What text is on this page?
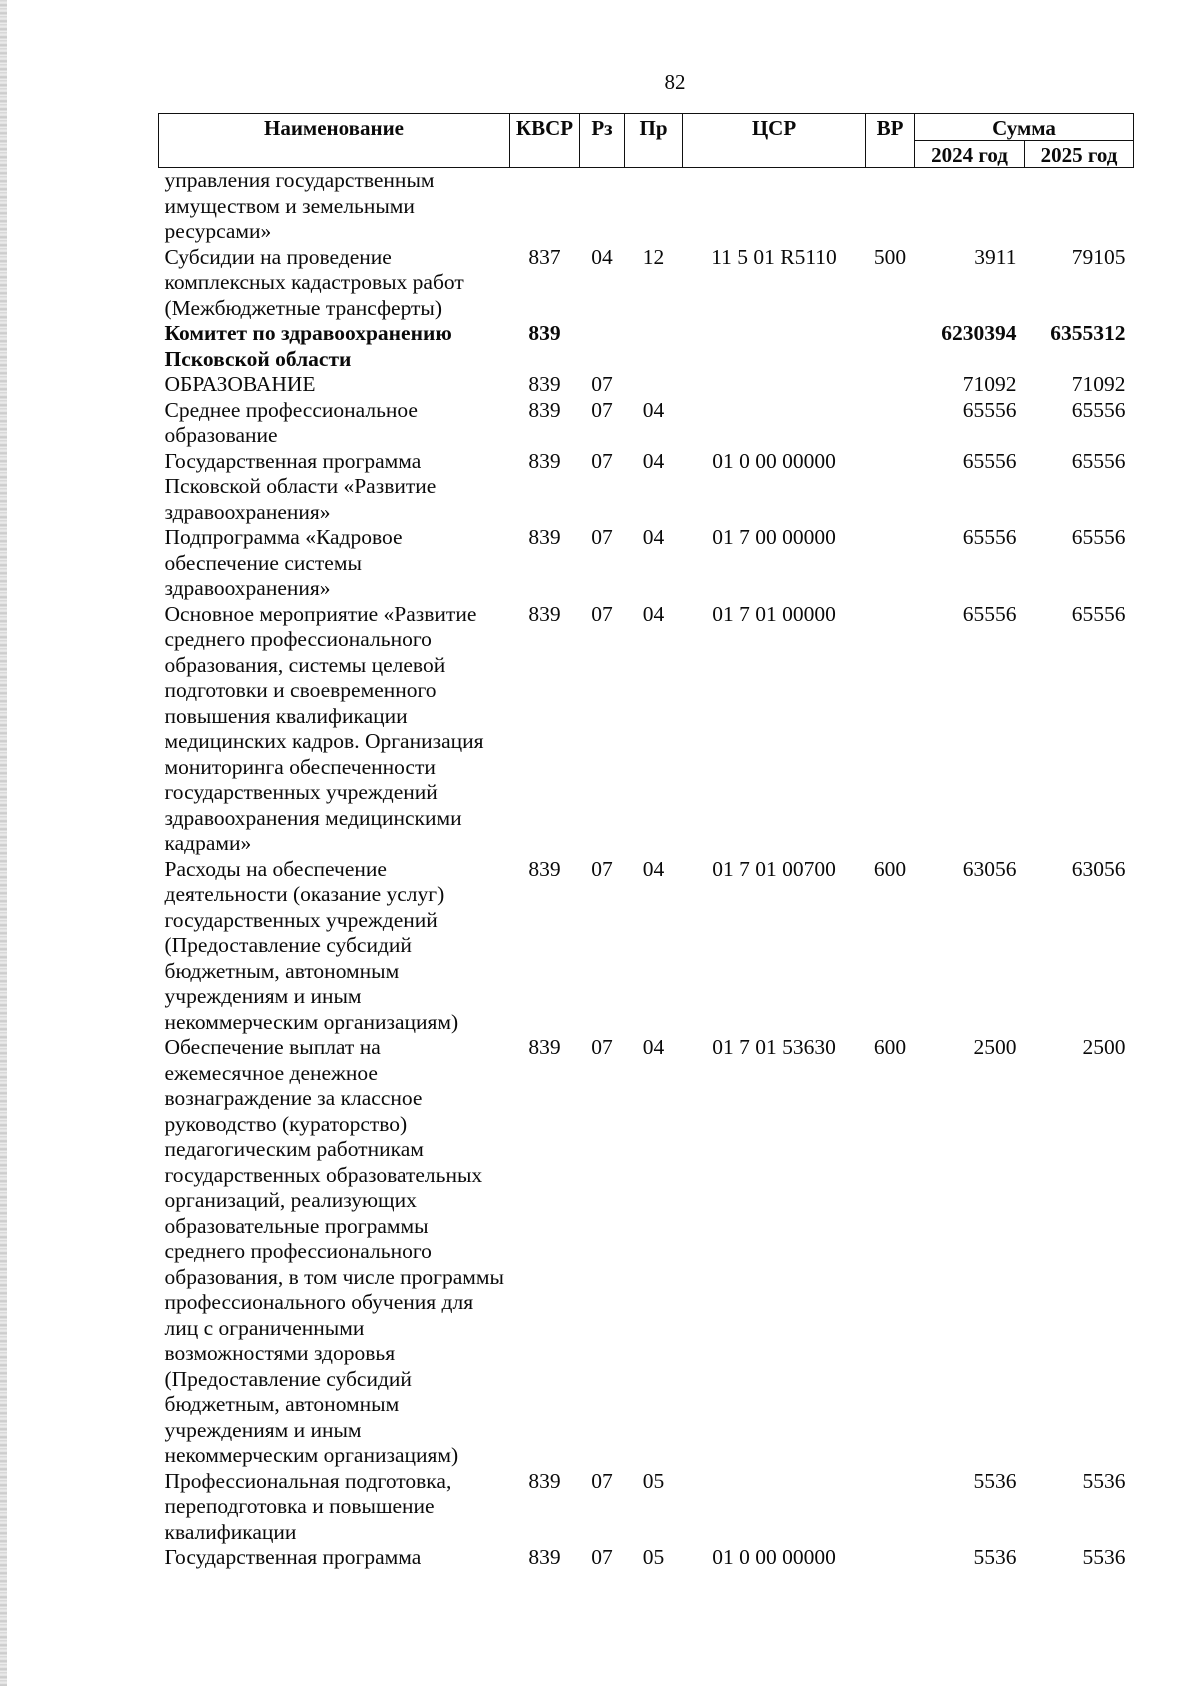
82
Наименование	КВСР	Рз	Пр	ЦСР	ВР	Сумма	
						2024 год	2025 год
управления государственным имуществом и земельными ресурсами»							
Субсидии на проведение комплексных кадастровых работ (Межбюджетные трансферты)	837	04	12	11 5 01 R5110	500	3911	79105
Комитет по здравоохранению Псковской области	839					6230394	6355312
ОБРАЗОВАНИЕ	839	07				71092	71092
Среднее профессиональное образование	839	07	04			65556	65556
Государственная программа Псковской области «Развитие здравоохранения»	839	07	04	01 0 00 00000		65556	65556
Подпрограмма «Кадровое обеспечение системы здравоохранения»	839	07	04	01 7 00 00000		65556	65556
Основное мероприятие «Развитие среднего профессионального образования, системы целевой подготовки и своевременного повышения квалификации медицинских кадров. Организация мониторинга обеспеченности государственных учреждений здравоохранения медицинскими кадрами»	839	07	04	01 7 01 00000		65556	65556
Расходы на обеспечение деятельности (оказание услуг) государственных учреждений (Предоставление субсидий бюджетным, автономным учреждениям и иным некоммерческим организациям)	839	07	04	01 7 01 00700	600	63056	63056
Обеспечение выплат на ежемесячное денежное вознаграждение за классное руководство (кураторство) педагогическим работникам государственных образовательных организаций, реализующих образовательные программы среднего профессионального образования, в том числе программы профессионального обучения для лиц с ограниченными возможностями здоровья (Предоставление субсидий бюджетным, автономным учреждениям и иным некоммерческим организациям)	839	07	04	01 7 01 53630	600	2500	2500
Профессиональная подготовка, переподготовка и повышение квалификации	839	07	05			5536	5536
Государственная программа	839	07	05	01 0 00 00000		5536	5536
